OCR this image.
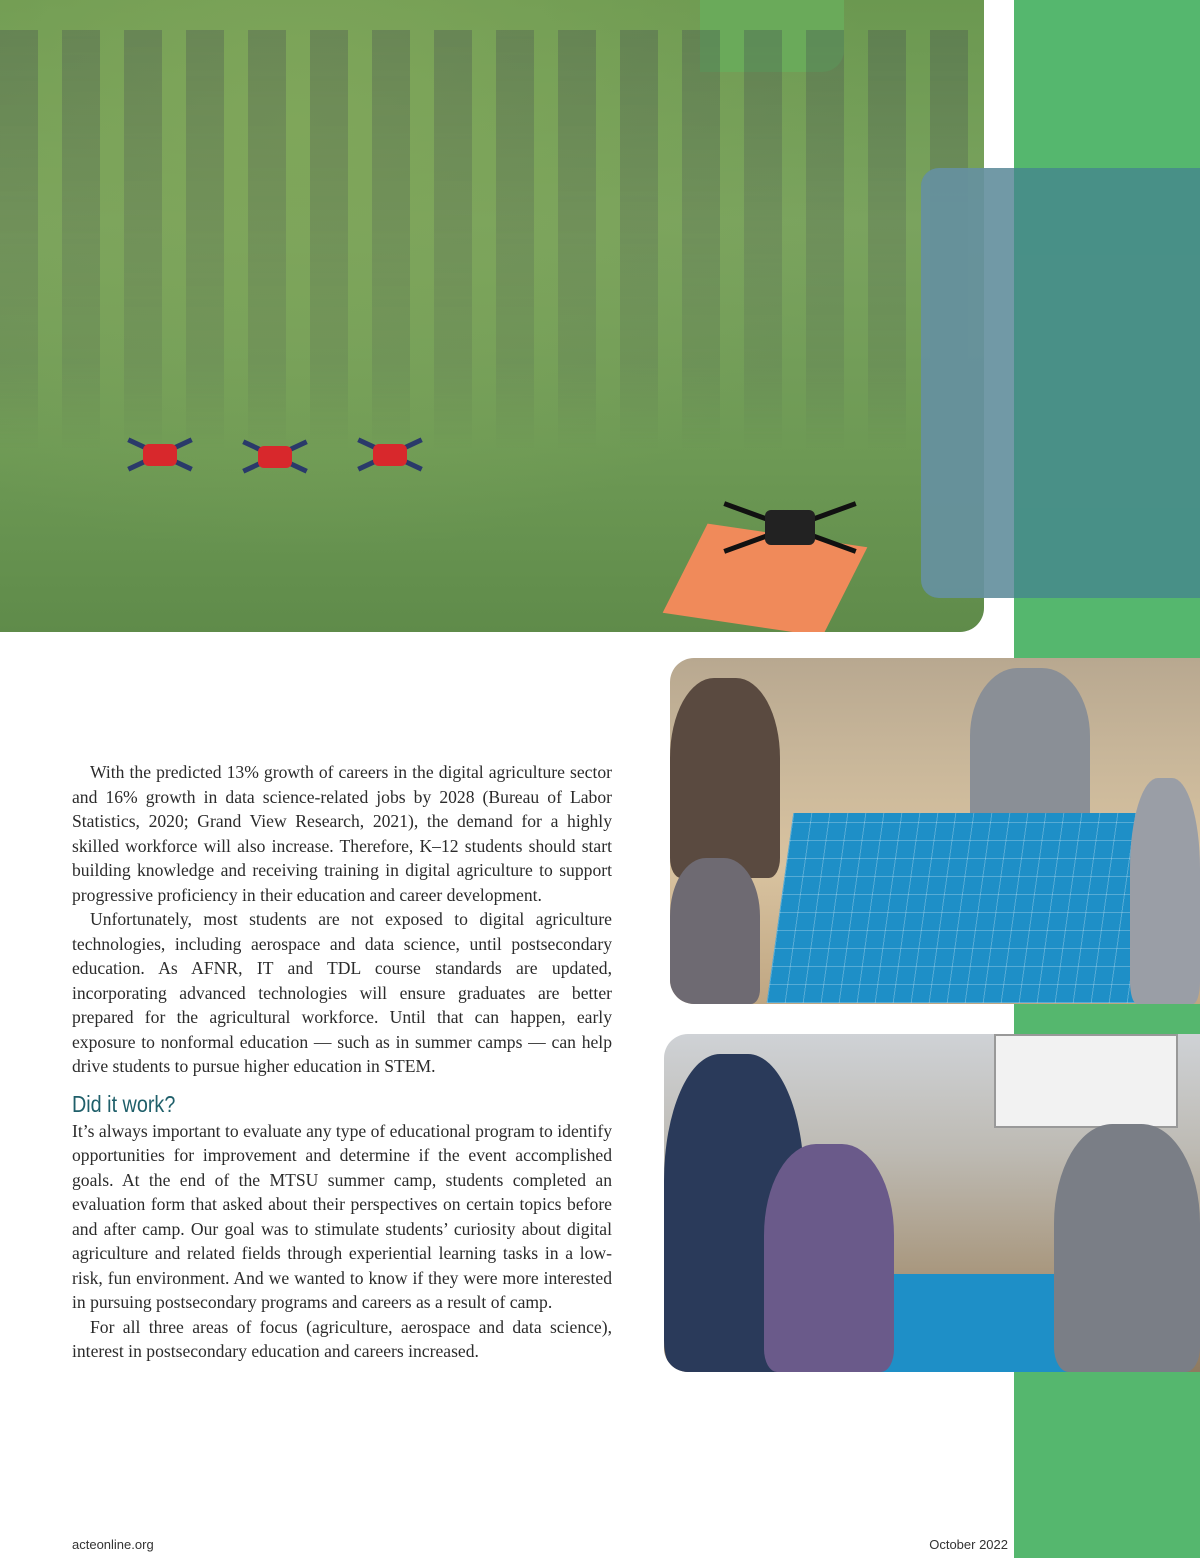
With the predicted 13% growth of careers in the digital agriculture sector and 16% growth in data science-related jobs by 2028 (Bureau of Labor Statistics, 2020; Grand View Research, 2021), the demand for a highly skilled workforce will also increase. Therefore, K–12 students should start building knowledge and receiving training in digital agriculture to support progressive proficiency in their education and career development.

Unfortunately, most students are not exposed to digital agriculture technologies, including aerospace and data science, until postsecondary education. As AFNR, IT and TDL course standards are updated, incorporating advanced technologies will ensure graduates are better prepared for the agricultural workforce. Until that can happen, early exposure to nonformal education — such as in summer camps — can help drive students to pursue higher education in STEM.

Did it work?

It’s always important to evaluate any type of educational program to identify opportunities for improvement and determine if the event accomplished goals. At the end of the MTSU summer camp, students completed an evaluation form that asked about their perspectives on certain topics before and after camp. Our goal was to stimulate students’ curiosity about digital agriculture and related fields through experiential learning tasks in a low-risk, fun environment. And we wanted to know if they were more interested in pursuing postsecondary programs and careers as a result of camp.

For all three areas of focus (agriculture, aerospace and data science), interest in postsecondary education and careers increased.

acteonline.org	October 2022
